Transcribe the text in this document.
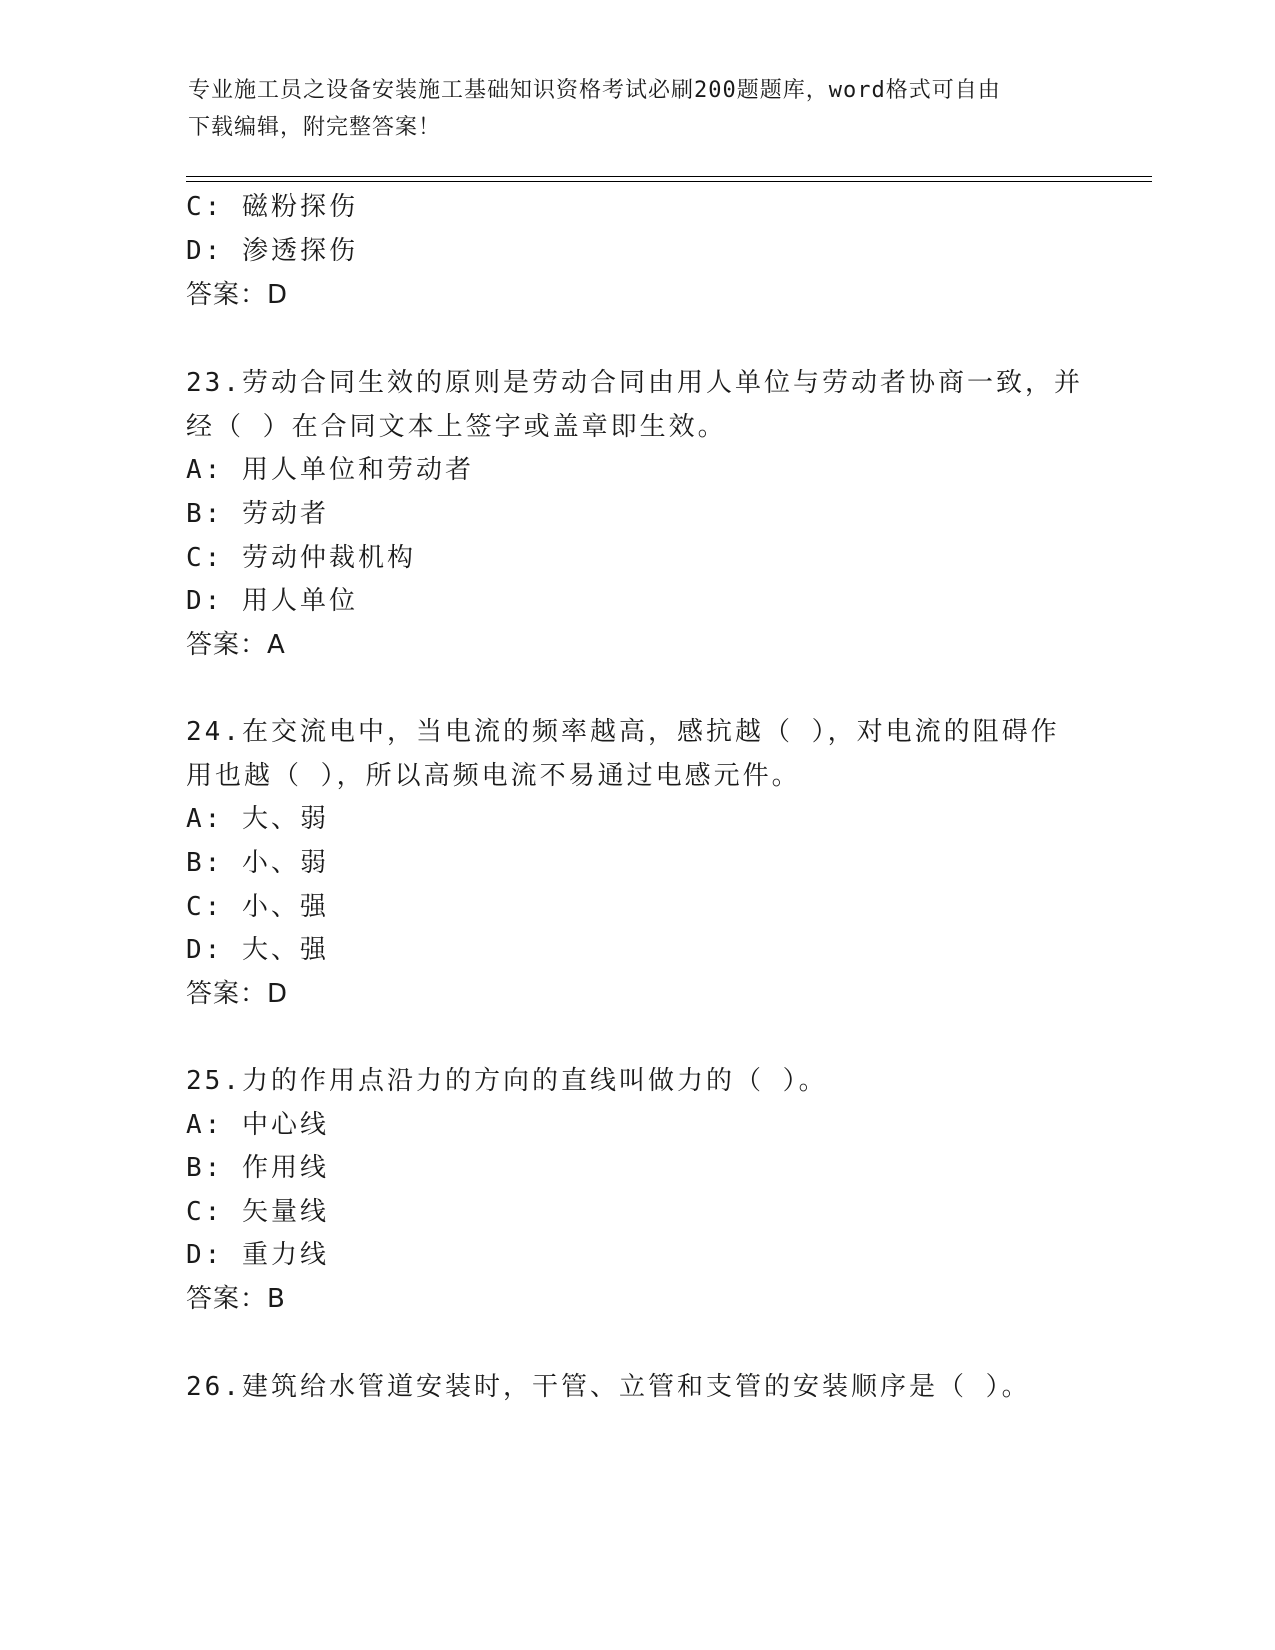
专业施工员之设备安装施工基础知识资格考试必刷200题题库，word格式可自由
下载编辑，附完整答案！
C: 磁粉探伤
D: 渗透探伤
答案：D
23.劳动合同生效的原则是劳动合同由用人单位与劳动者协商一致，并
经（ ）在合同文本上签字或盖章即生效。
A: 用人单位和劳动者
B: 劳动者
C: 劳动仲裁机构
D: 用人单位
答案：A
24.在交流电中，当电流的频率越高，感抗越（ ），对电流的阻碍作
用也越（ ），所以高频电流不易通过电感元件。
A: 大、弱
B: 小、弱
C: 小、强
D: 大、强
答案：D
25.力的作用点沿力的方向的直线叫做力的（ ）。
A: 中心线
B: 作用线
C: 矢量线
D: 重力线
答案：B
26.建筑给水管道安装时，干管、立管和支管的安装顺序是（ ）。
